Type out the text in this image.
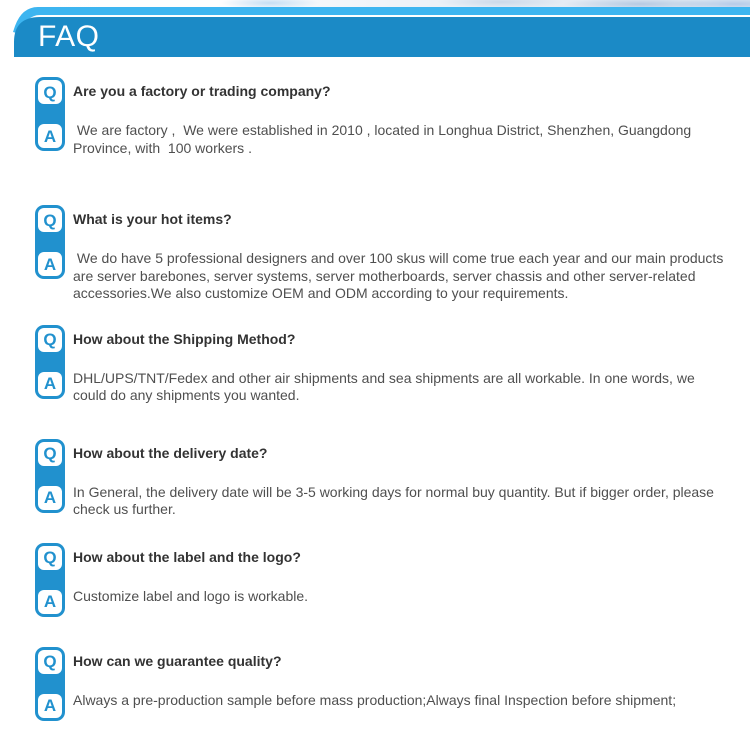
FAQ
Q
A
Are you a factory or trading company?
We are factory ,  We were established in 2010 , located in Longhua District, Shenzhen, Guangdong Province, with  100 workers .
Q
A
What is your hot items?
We do have 5 professional designers and over 100 skus will come true each year and our main products are server barebones, server systems, server motherboards, server chassis and other server-related accessories.We also customize OEM and ODM according to your requirements.
Q
A
How about the Shipping Method?
DHL/UPS/TNT/Fedex and other air shipments and sea shipments are all workable. In one words, we could do any shipments you wanted.
Q
A
How about the delivery date?
In General, the delivery date will be 3-5 working days for normal buy quantity. But if bigger order, please check us further.
Q
A
How about the label and the logo?
Customize label and logo is workable.
Q
A
How can we guarantee quality?
Always a pre-production sample before mass production;Always final Inspection before shipment;
